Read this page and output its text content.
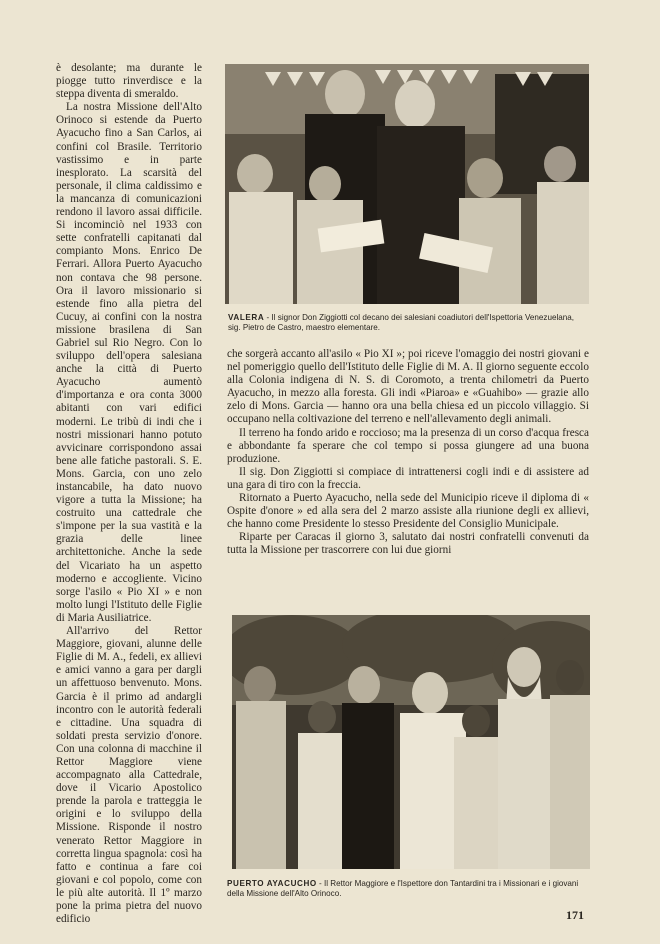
è desolante; ma durante le piogge tutto rinverdisce e la steppa diventa di smeraldo.

La nostra Missione dell'Alto Orinoco si estende da Puerto Ayacucho fino a San Carlos, ai confini col Brasile. Territorio vastissimo e in parte inesplorato. La scarsità del personale, il clima caldissimo e la mancanza di comunicazioni rendono il lavoro assai difficile. Si incominciò nel 1933 con sette confratelli capitanati dal compianto Mons. Enrico De Ferrari. Allora Puerto Ayacucho non contava che 98 persone. Ora il lavoro missionario si estende fino alla pietra del Cucuy, ai confini con la nostra missione brasilena di San Gabriel sul Rio Negro. Con lo sviluppo dell'opera salesiana anche la città di Puerto Ayacucho aumentò d'importanza e ora conta 3000 abitanti con vari edifici moderni. Le tribù di indi che i nostri missionari hanno potuto avvicinare corrispondono assai bene alle fatiche pastorali. S. E. Mons. Garcia, con uno zelo instancabile, ha dato nuovo vigore a tutta la Missione; ha costruito una cattedrale che s'impone per la sua vastità e la grazia delle linee architettoniche. Anche la sede del Vicariato ha un aspetto moderno e accogliente. Vicino sorge l'asilo « Pio XI » e non molto lungi l'Istituto delle Figlie di Maria Ausiliatrice.

All'arrivo del Rettor Maggiore, giovani, alunne delle Figlie di M. A., fedeli, ex allievi e amici vanno a gara per dargli un affettuoso benvenuto. Mons. Garcia è il primo ad andargli incontro con le autorità federali e cittadine. Una squadra di soldati presta servizio d'onore. Con una colonna di macchine il Rettor Maggiore viene accompagnato alla Cattedrale, dove il Vicario Apostolico prende la parola e tratteggia le origini e lo sviluppo della Missione. Risponde il nostro venerato Rettor Maggiore in corretta lingua spagnola: così ha fatto e continua a fare coi giovani e col popolo, come con le più alte autorità. Il 1º marzo pone la prima pietra del nuovo edificio

VALERA - Il signor Don Ziggiotti col decano dei salesiani coadiutori dell'Ispettoria Venezuelana, sig. Pietro de Castro, maestro elementare.

che sorgerà accanto all'asilo « Pio XI »; poi riceve l'omaggio dei nostri giovani e nel pomeriggio quello dell'Istituto delle Figlie di M. A. Il giorno seguente eccolo alla Colonia indigena di N. S. di Coromoto, a trenta chilometri da Puerto Ayacucho, in mezzo alla foresta. Gli indi «Piaroa» e «Guahibo» — grazie allo zelo di Mons. Garcia — hanno ora una bella chiesa ed un piccolo villaggio. Si occupano nella coltivazione del terreno e nell'allevamento degli animali.

Il terreno ha fondo arido e roccioso; ma la presenza di un corso d'acqua fresca e abbondante fa sperare che col tempo si possa giungere ad una buona produzione.

Il sig. Don Ziggiotti si compiace di intrattenersi cogli indi e di assistere ad una gara di tiro con la freccia.

Ritornato a Puerto Ayacucho, nella sede del Municipio riceve il diploma di « Ospite d'onore » ed alla sera del 2 marzo assiste alla riunione degli ex allievi, che hanno come Presidente lo stesso Presidente del Consiglio Municipale.

Riparte per Caracas il giorno 3, salutato dai nostri confratelli convenuti da tutta la Missione per trascorrere con lui due giorni

PUERTO AYACUCHO - Il Rettor Maggiore e l'Ispettore don Tantardini tra i Missionari e i giovani della Missione dell'Alto Orinoco.
171
